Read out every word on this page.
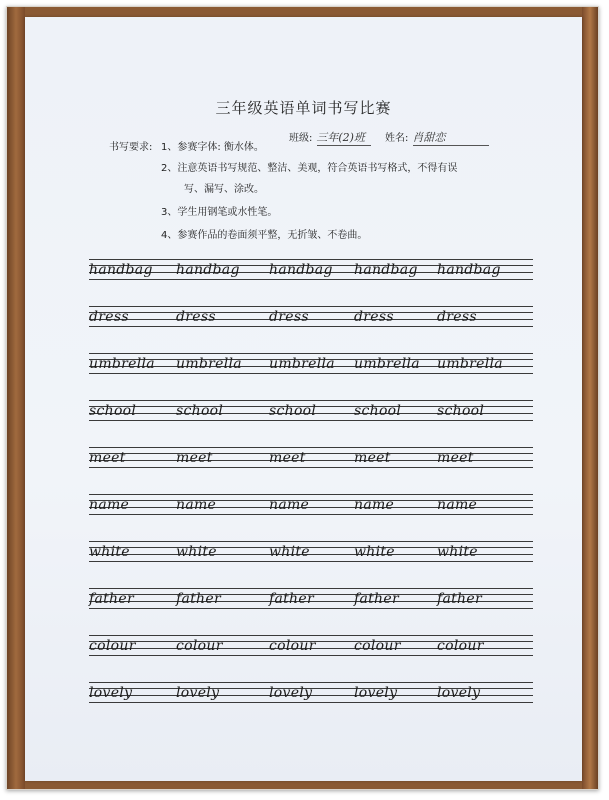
三年级英语单词书写比赛
班级: 三年(2)班 姓名: 肖甜恋
书写要求: 1、参赛字体: 衡水体。
2、注意英语书写规范、整洁、美观，符合英语书写格式，不得有误
写、漏写、涂改。
3、学生用钢笔或水性笔。
4、参赛作品的卷面须平整，无折皱、不卷曲。
handbag handbag handbag handbag handbag
dress	dress	dress	dress	dress
umbrella umbrella umbrella umbrella umbrella
school	school	school	school	school
meet	meet	meet	meet	meet
name	name	name	name	name
white	white	white	white	white
father	father	father	father	father
colour	colour	colour	colour	colour
lovely	lovely	lovely	lovely	lovely
